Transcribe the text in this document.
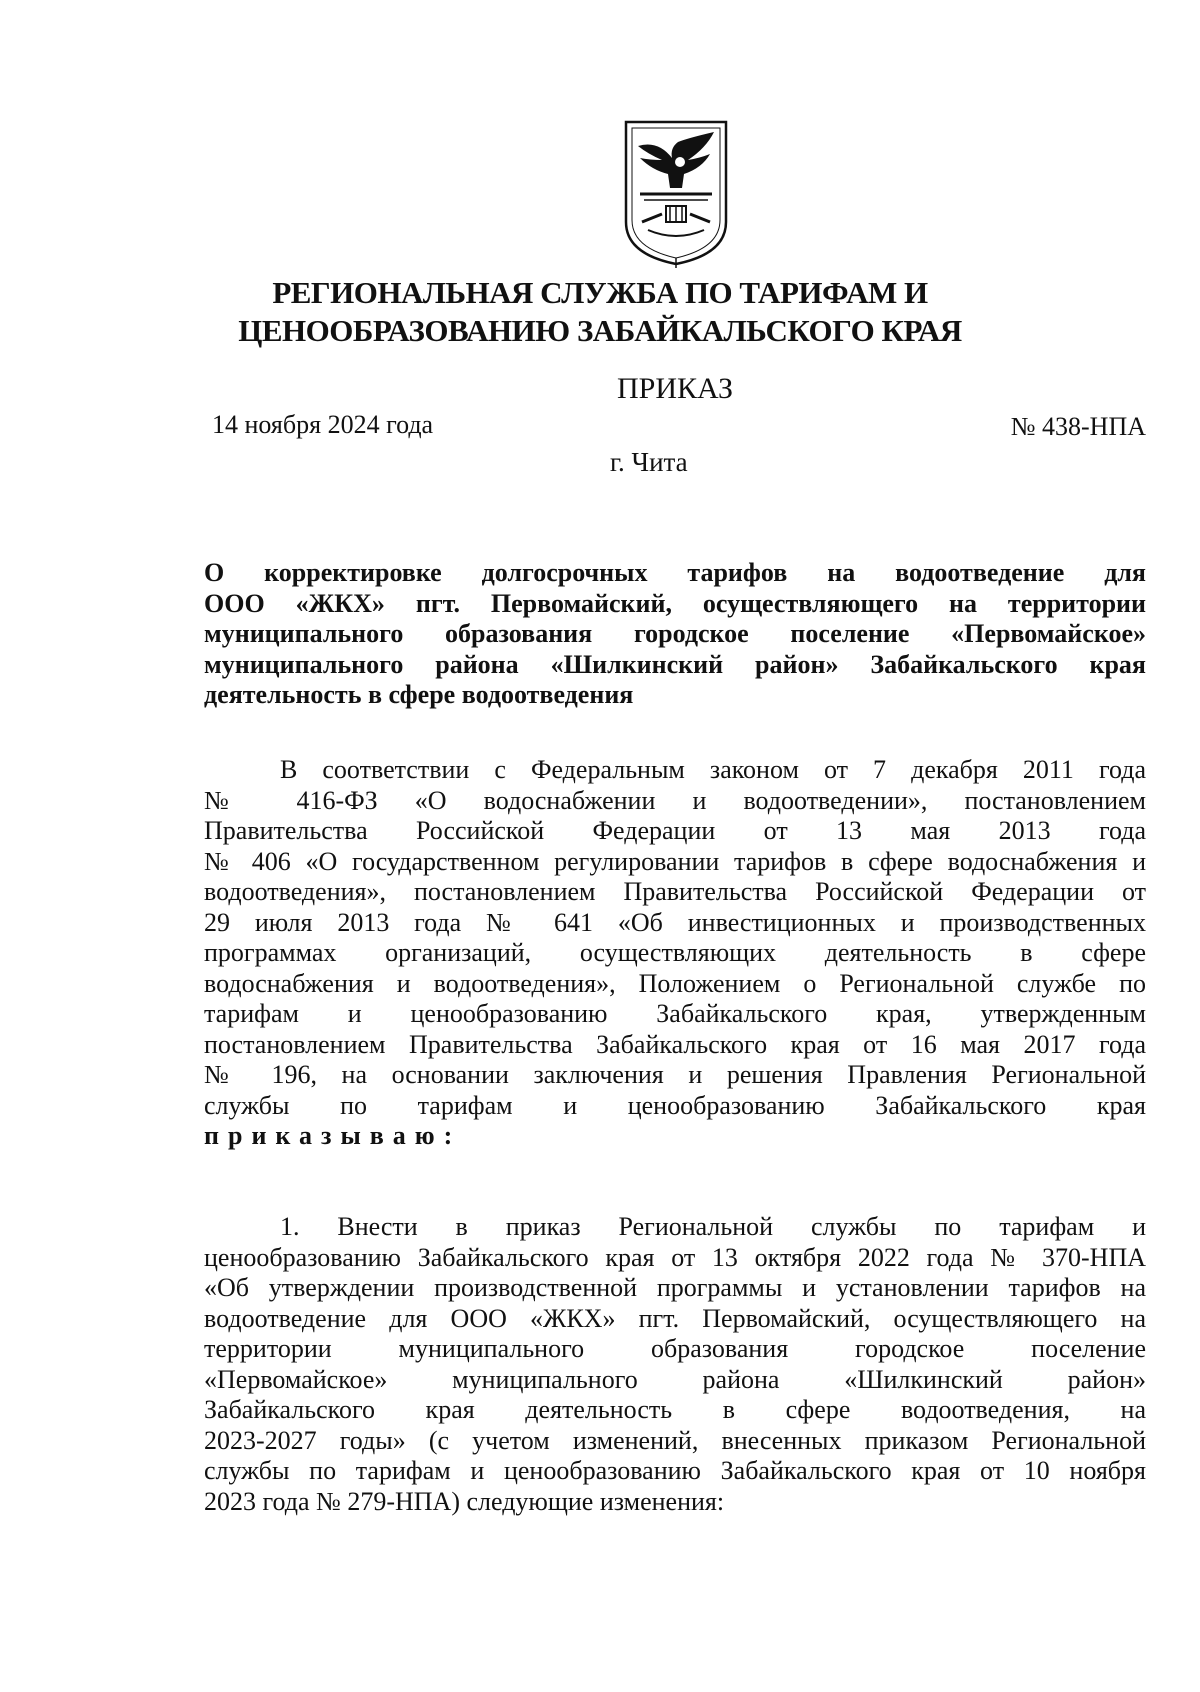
РЕГИОНАЛЬНАЯ СЛУЖБА ПО ТАРИФАМ И
ЦЕНООБРАЗОВАНИЮ ЗАБАЙКАЛЬСКОГО КРАЯ
ПРИКАЗ
14 ноября 2024 года	№ 438-НПА
г. Чита
О корректировке долгосрочных тарифов на водоотведение для
ООО «ЖКХ» пгт. Первомайский, осуществляющего на территории
муниципального образования городское поселение «Первомайское»
муниципального района «Шилкинский район» Забайкальского края
деятельность в сфере водоотведения
В соответствии с Федеральным законом от 7 декабря 2011 года
№ 416-ФЗ «О водоснабжении и водоотведении», постановлением
Правительства Российской Федерации от 13 мая 2013 года
№ 406 «О государственном регулировании тарифов в сфере водоснабжения и
водоотведения», постановлением Правительства Российской Федерации от
29 июля 2013 года № 641 «Об инвестиционных и производственных
программах организаций, осуществляющих деятельность в сфере
водоснабжения и водоотведения», Положением о Региональной службе по
тарифам и ценообразованию Забайкальского края, утвержденным
постановлением Правительства Забайкальского края от 16 мая 2017 года
№ 196, на основании заключения и решения Правления Региональной
службы по тарифам и ценообразованию Забайкальского края
приказываю:
1. Внести в приказ Региональной службы по тарифам и
ценообразованию Забайкальского края от 13 октября 2022 года № 370-НПА
«Об утверждении производственной программы и установлении тарифов на
водоотведение для ООО «ЖКХ» пгт. Первомайский, осуществляющего на
территории муниципального образования городское поселение
«Первомайское» муниципального района «Шилкинский район»
Забайкальского края деятельность в сфере водоотведения, на
2023-2027 годы» (с учетом изменений, внесенных приказом Региональной
службы по тарифам и ценообразованию Забайкальского края от 10 ноября
2023 года № 279-НПА) следующие изменения:
